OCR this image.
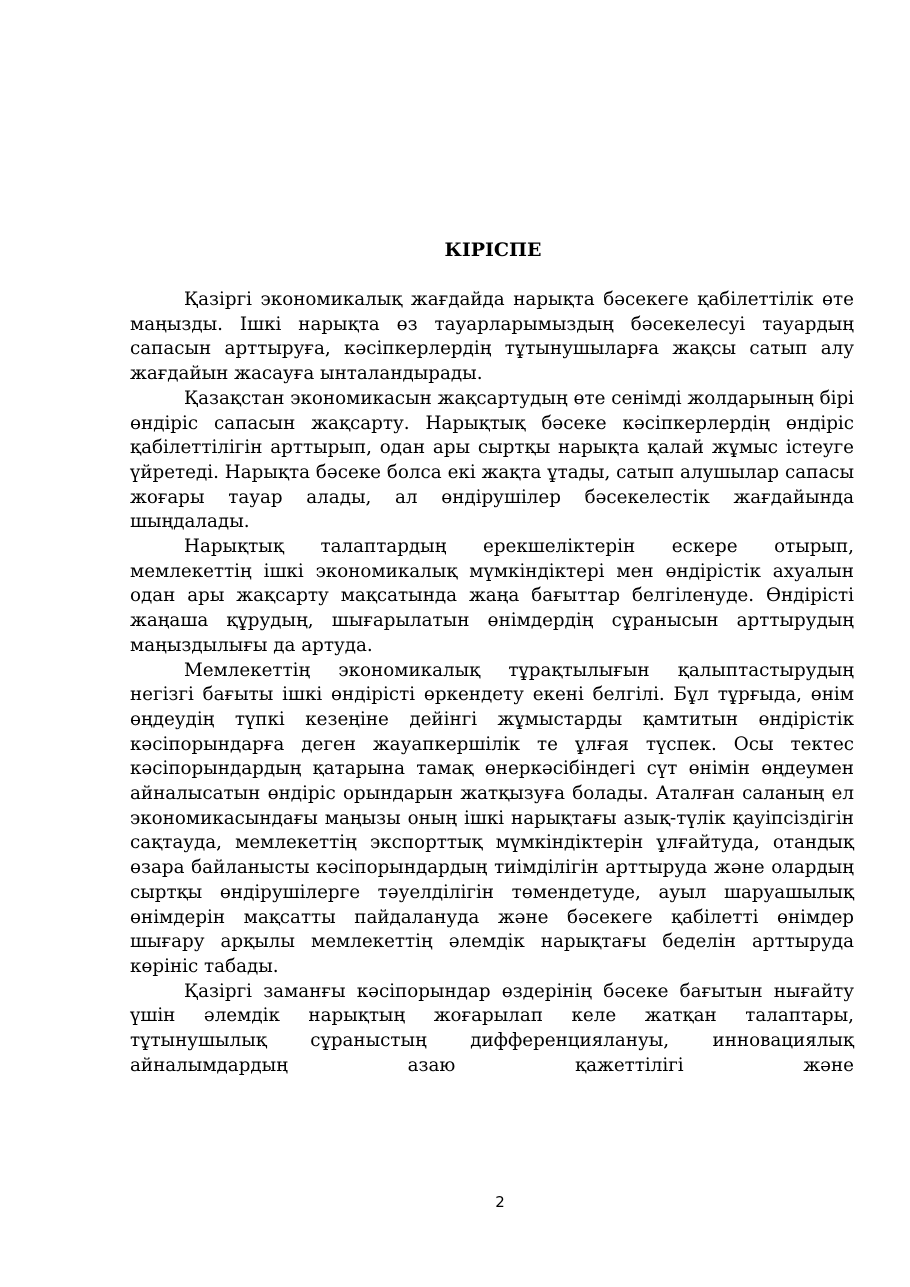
КІРІСПЕ

Қазіргі экономикалық жағдайда нарықта бәсекеге қабілеттілік өте маңызды. Ішкі нарықта өз тауарларымыздың бәсекелесуі тауардың сапасын арттыруға, кәсіпкерлердің тұтынушыларға жақсы сатып алу жағдайын жасауға ынталандырады.

Қазақстан экономикасын жақсартудың өте сенімді жолдарының бірі өндіріс сапасын жақсарту. Нарықтық бәсеке кәсіпкерлердің өндіріс қабілеттілігін арттырып, одан ары сыртқы нарықта қалай жұмыс істеуге үйретеді. Нарықта бәсеке болса екі жақта ұтады, сатып алушылар сапасы жоғары тауар алады, ал өндірушілер бәсекелестік жағдайында шыңдалады.

Нарықтық талаптардың ерекшеліктерін ескере отырып, мемлекеттің ішкі экономикалық мүмкіндіктері мен өндірістік ахуалын одан ары жақсарту мақсатында жаңа бағыттар белгіленуде. Өндірісті жаңаша құрудың, шығарылатын өнімдердің сұранысын арттырудың маңыздылығы да артуда.

Мемлекеттің экономикалық тұрақтылығын қалыптастырудың негізгі бағыты ішкі өндірісті өркендету екені белгілі. Бұл тұрғыда, өнім өңдеудің түпкі кезеңіне дейінгі жұмыстарды қамтитын өндірістік кәсіпорындарға деген жауапкершілік те ұлғая түспек. Осы тектес кәсіпорындардың қатарына тамақ өнеркәсібіндегі сүт өнімін өңдеумен айналысатын өндіріс орындарын жатқызуға болады. Аталған саланың ел экономикасындағы маңызы оның ішкі нарықтағы азық-түлік қауіпсіздігін сақтауда, мемлекеттің экспорттық мүмкіндіктерін ұлғайтуда, отандық өзара байланысты кәсіпорындардың тиімділігін арттыруда және олардың сыртқы өндірушілерге тәуелділігін төмендетуде, ауыл шаруашылық өнімдерін мақсатты пайдалануда және бәсекеге қабілетті өнімдер шығару арқылы мемлекеттің әлемдік нарықтағы беделін арттыруда көрініс табады.

Қазіргі заманғы кәсіпорындар өздерінің бәсеке бағытын нығайту үшін әлемдік нарықтың жоғарылап келе жатқан талаптары, тұтынушылық сұраныстың дифференциялануы, инновациялық айналымдардың азаю қажеттілігі және

2
